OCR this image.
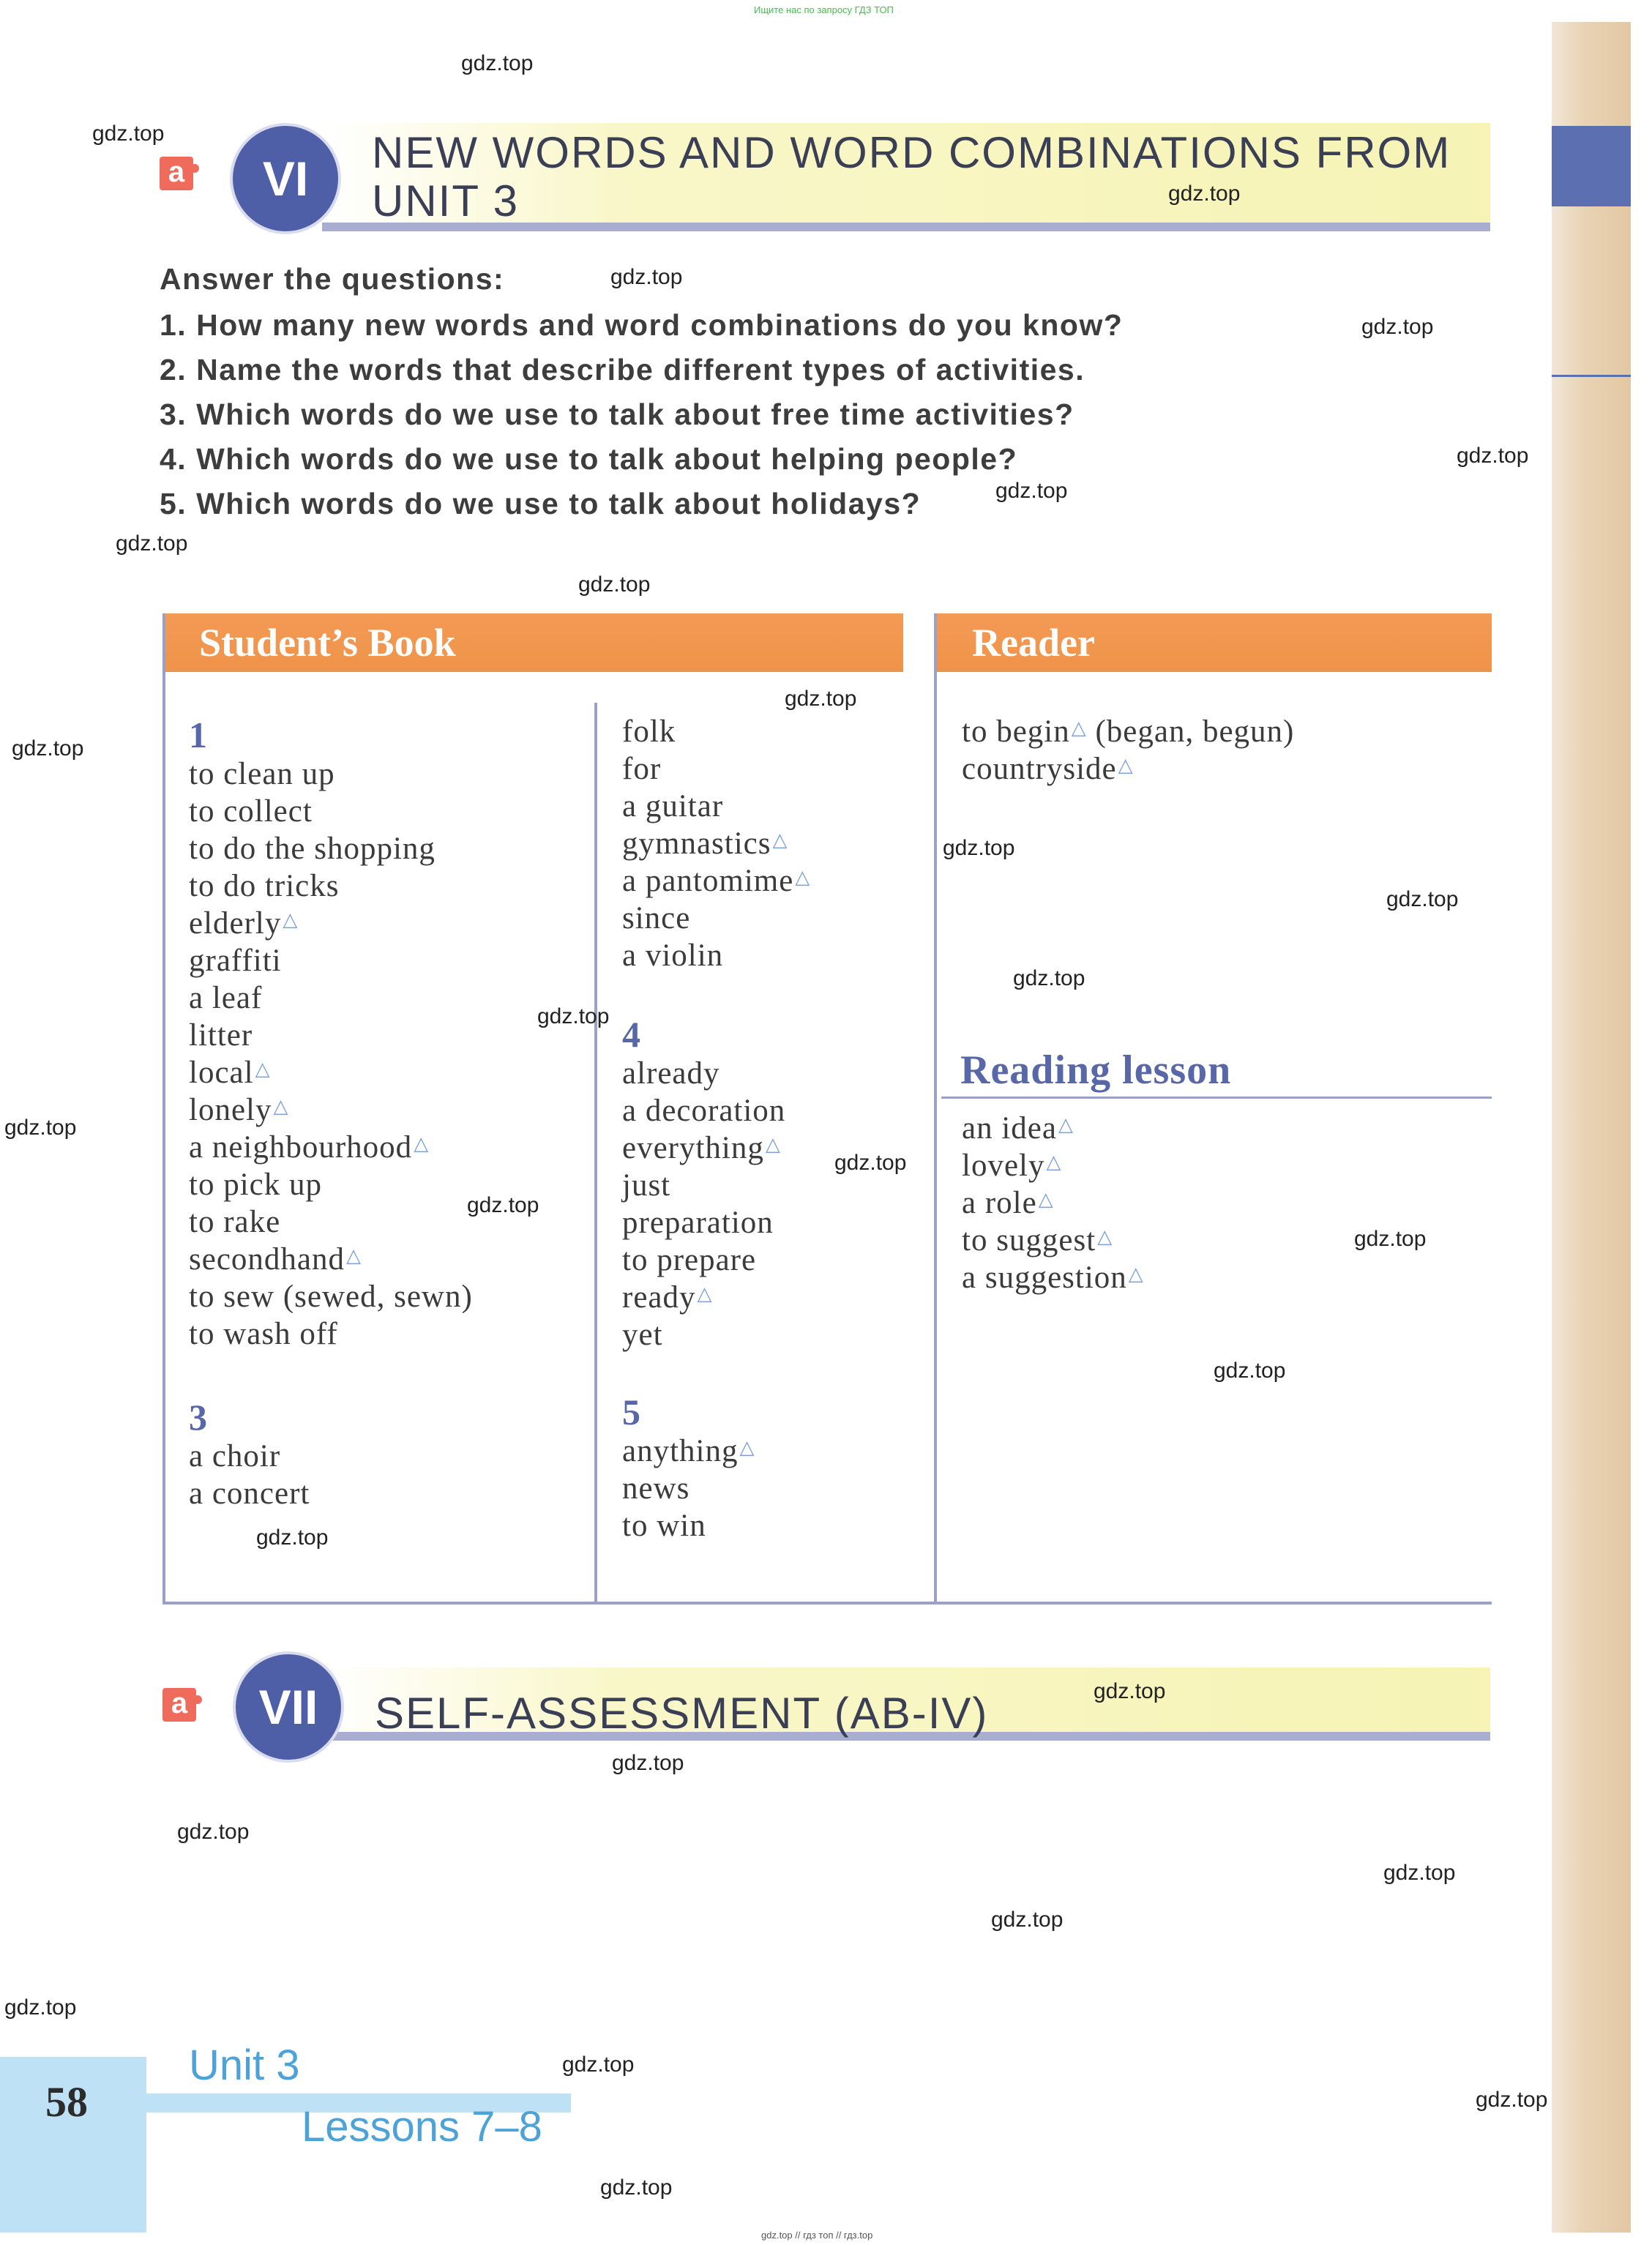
Ищите нас по запросу ГДЗ ТОП
a	VI	NEW WORDS AND WORD COMBINATIONS FROM
UNIT 3
Answer the questions:
1. How many new words and word combinations do you know?
2. Name the words that describe different types of activities.
3. Which words do we use to talk about free time activities?
4. Which words do we use to talk about helping people?
5. Which words do we use to talk about holidays?
Student’s Book	Reader
1
to clean up
to collect
to do the shopping
to do tricks
elderly△
graffiti
a leaf
litter
local△
lonely△
a neighbourhood△
to pick up
to rake
secondhand△
to sew (sewed, sewn)
to wash off
3
a choir
a concert
folk
for
a guitar
gymnastics△
a pantomime△
since
a violin
4
already
a decoration
everything△
just
preparation
to prepare
ready△
yet
5
anything△
news
to win
to begin△ (began, begun)
countryside△
Reading lesson
an idea△
lovely△
a role△
to suggest△
a suggestion△
a	VII	SELF-ASSESSMENT (AB-IV)
58
Unit 3
Lessons 7–8
gdz.top // гдз топ // гдз.top
gdz.top
gdz.top
gdz.top
gdz.top
gdz.top
gdz.top
gdz.top
gdz.top
gdz.top
gdz.top
gdz.top
gdz.top
gdz.top
gdz.top
gdz.top
gdz.top
gdz.top
gdz.top
gdz.top
gdz.top
gdz.top
gdz.top
gdz.top
gdz.top
gdz.top
gdz.top
gdz.top
gdz.top
gdz.top
gdz.top
